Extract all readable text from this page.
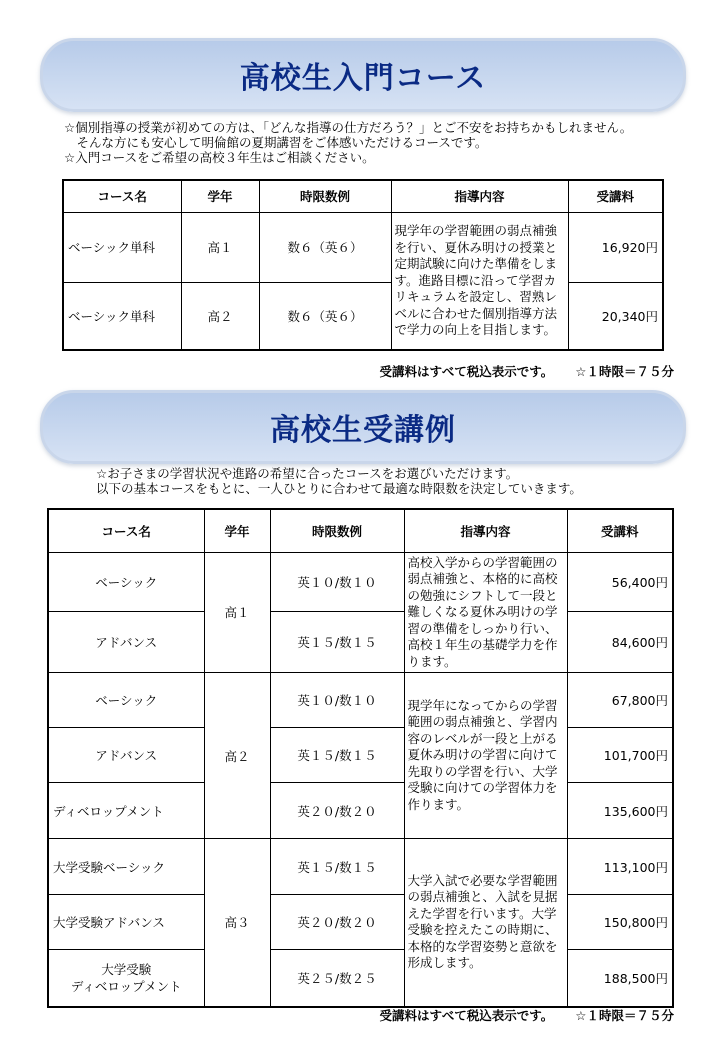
高校生入門コース
☆個別指導の授業が初めての方は、「どんな指導の仕方だろう？」とご不安をお持ちかもしれません。
　そんな方にも安心して明倫館の夏期講習をご体感いただけるコースです。
☆入門コースをご希望の高校３年生はご相談ください。
コース名	学年	時限数例	指導内容	受講料
ベーシック単科	高１	数６（英６）	現学年の学習範囲の弱点補強を行い、夏休み明けの授業と定期試験に向けた準備をします。進路目標に沿って学習カリキュラムを設定し、習熟レベルに合わせた個別指導方法で学力の向上を目指します。	16,920円
ベーシック単科	高２	数６（英６）		20,340円
受講料はすべて税込表示です。 ☆１時限＝７５分
高校生受講例
☆お子さまの学習状況や進路の希望に合ったコースをお選びいただけます。
以下の基本コースをもとに、一人ひとりに合わせて最適な時限数を決定していきます。
コース名	学年	時限数例	指導内容	受講料
ベーシック	高１	英１０/数１０	高校入学からの学習範囲の弱点補強と、本格的に高校の勉強にシフトして一段と難しくなる夏休み明けの学習の準備をしっかり行い、高校１年生の基礎学力を作ります。	56,400円
アドバンス		英１５/数１５		84,600円
ベーシック	高２	英１０/数１０	現学年になってからの学習範囲の弱点補強と、学習内容のレベルが一段と上がる夏休み明けの学習に向けて先取りの学習を行い、大学受験に向けての学習体力を作ります。	67,800円
アドバンス		英１５/数１５		101,700円
ディベロップメント		英２０/数２０		135,600円
大学受験ベーシック	高３	英１５/数１５	大学入試で必要な学習範囲の弱点補強と、入試を見据えた学習を行います。大学受験を控えたこの時期に、本格的な学習姿勢と意欲を形成します。	113,100円
大学受験アドバンス		英２０/数２０		150,800円
大学受験
ディベロップメント		英２５/数２５		188,500円
受講料はすべて税込表示です。 ☆１時限＝７５分
